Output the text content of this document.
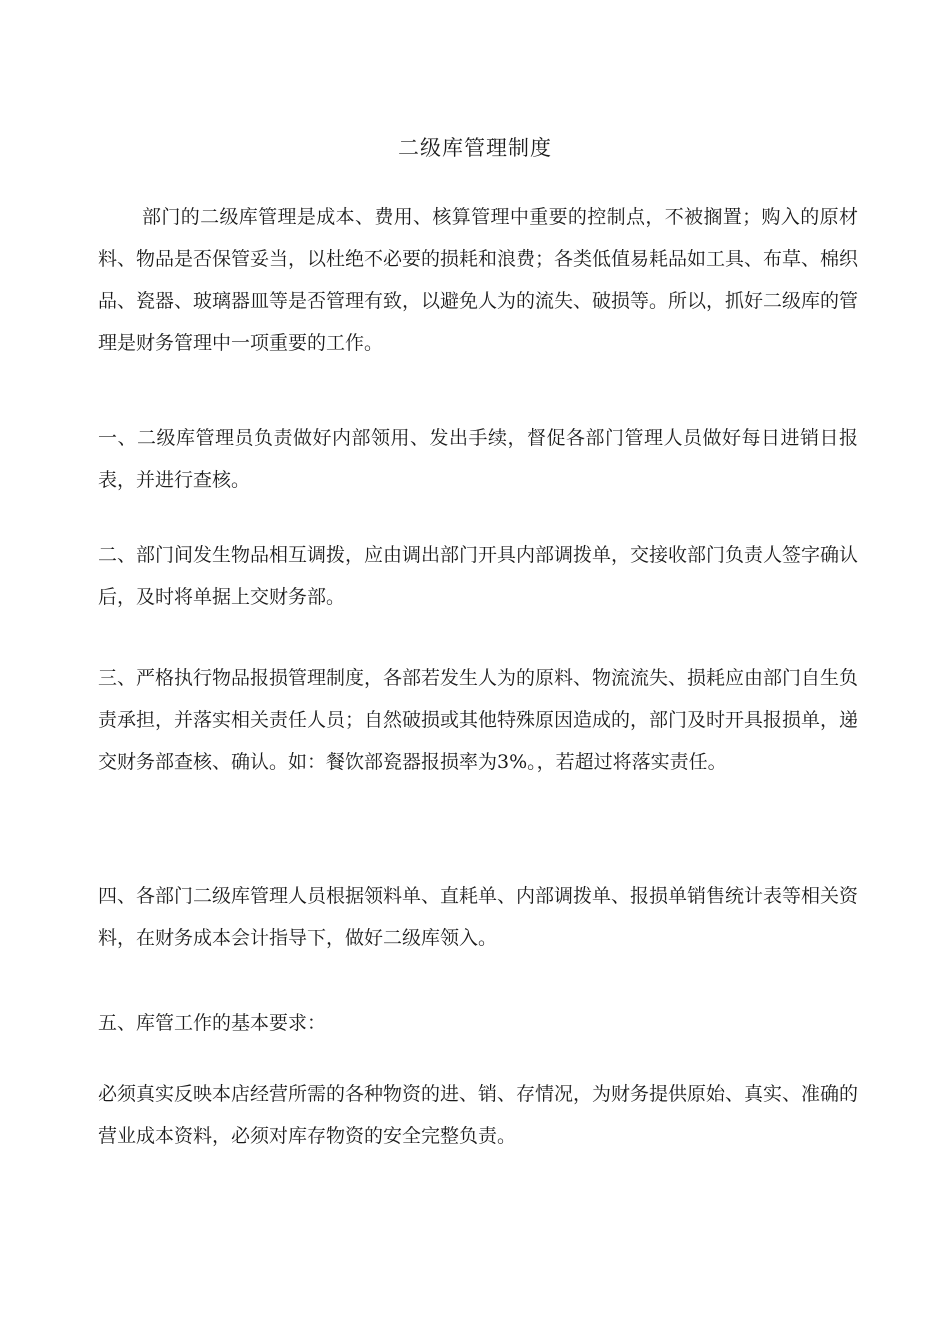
二级库管理制度
部门的二级库管理是成本、费用、核算管理中重要的控制点，不被搁置；购入的原材料、物品是否保管妥当，以杜绝不必要的损耗和浪费；各类低值易耗品如工具、布草、棉织品、瓷器、玻璃器皿等是否管理有致，以避免人为的流失、破损等。所以，抓好二级库的管理是财务管理中一项重要的工作。
一、二级库管理员负责做好内部领用、发出手续，督促各部门管理人员做好每日进销日报表，并进行查核。
二、部门间发生物品相互调拨，应由调出部门开具内部调拨单，交接收部门负责人签字确认后，及时将单据上交财务部。
三、严格执行物品报损管理制度，各部若发生人为的原料、物流流失、损耗应由部门自生负责承担，并落实相关责任人员；自然破损或其他特殊原因造成的，部门及时开具报损单，递交财务部查核、确认。如：餐饮部瓷器报损率为3%。，若超过将落实责任。
四、各部门二级库管理人员根据领料单、直耗单、内部调拨单、报损单销售统计表等相关资料，在财务成本会计指导下，做好二级库领入。
五、库管工作的基本要求：
必须真实反映本店经营所需的各种物资的进、销、存情况，为财务提供原始、真实、准确的营业成本资料，必须对库存物资的安全完整负责。
